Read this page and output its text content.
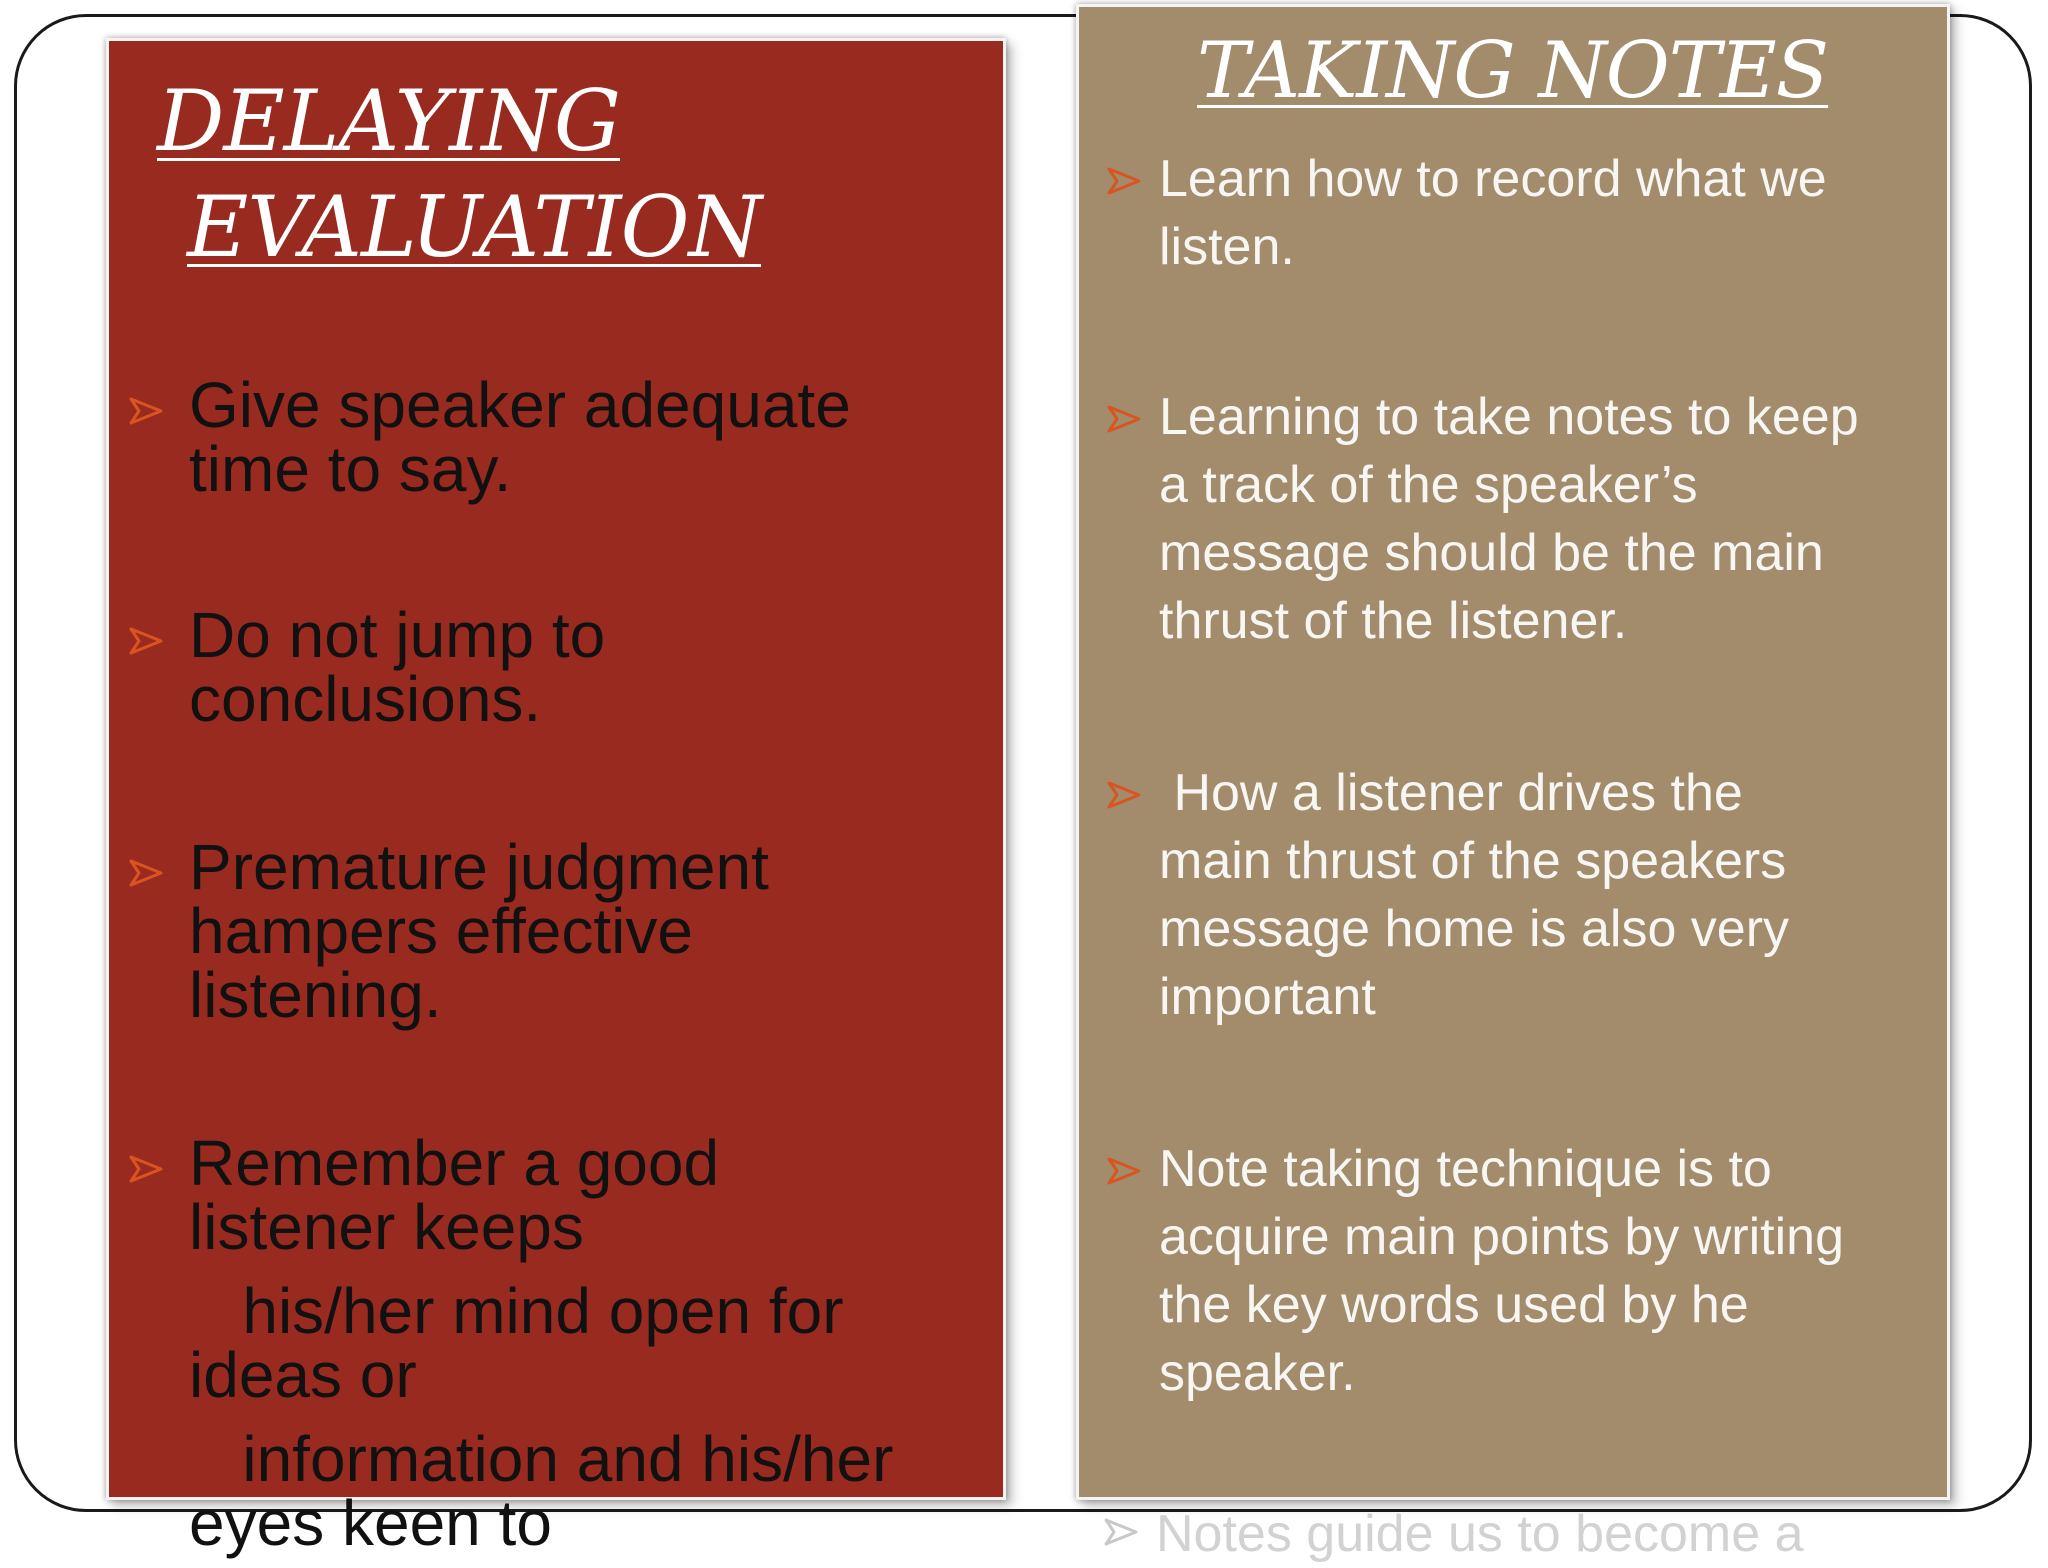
DELAYING
EVALUATION
Give speaker adequate
time to say.
Do not jump to
conclusions.
Premature judgment
hampers effective
listening.
Remember a good
listener keeps
his/her mind open for
ideas or
information and his/her
eyes keen to
TAKING NOTES
Learn how to record what we
listen.
Learning to take notes to keep
a track of the speaker’s
message should be the main
thrust of the listener.
How a listener drives the
main thrust of the speakers
message home is also very
important
Note taking technique is to
acquire main points by writing
the key words used by he
speaker.
Notes guide us to become a
